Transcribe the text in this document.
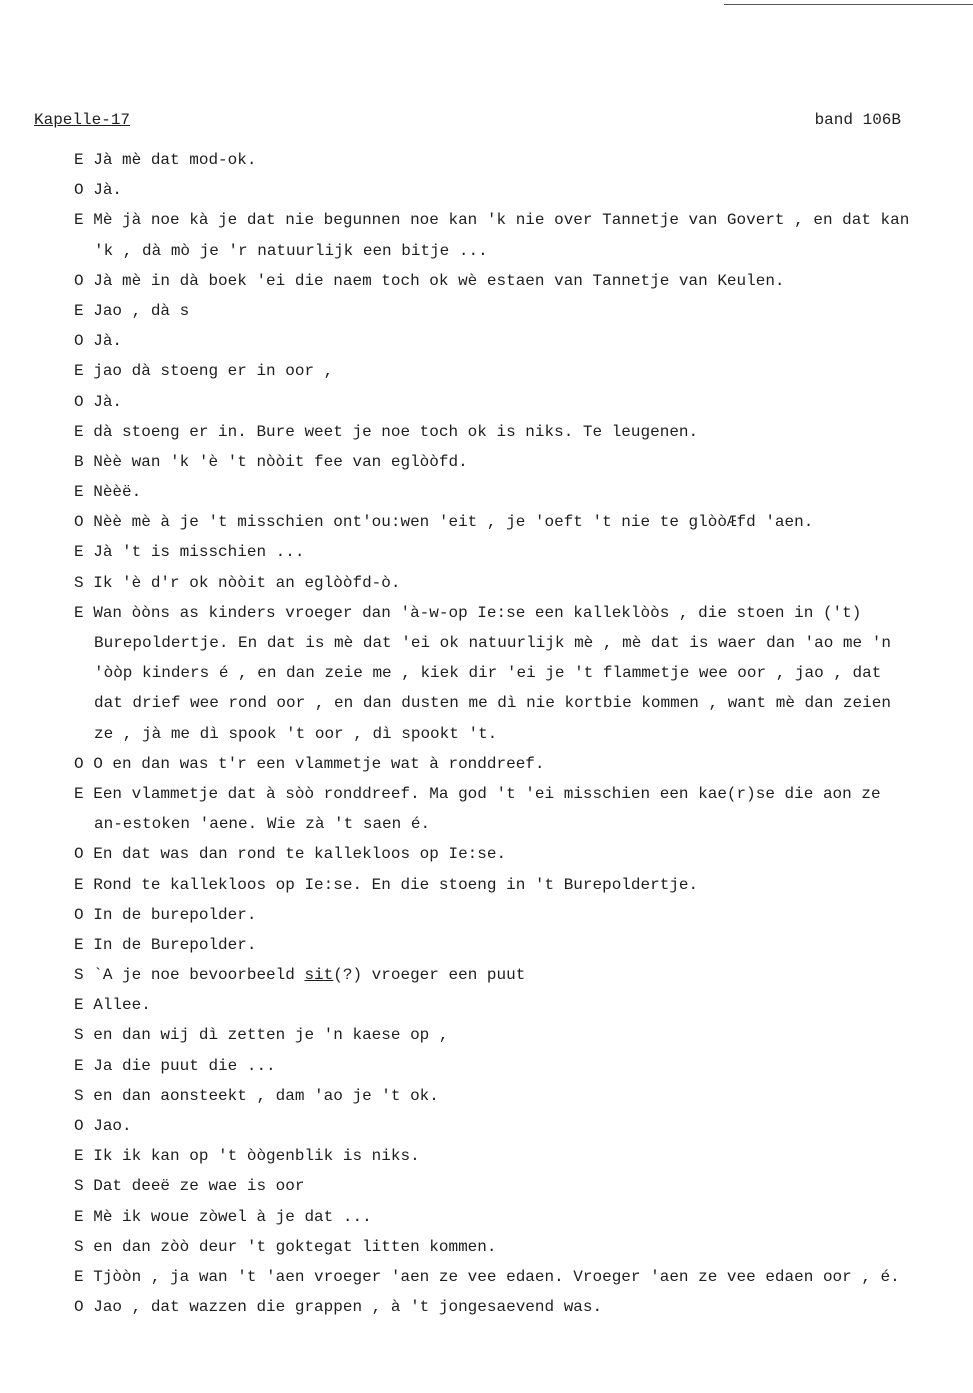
Kapelle-17	band 106B
E Jà mè dat mod-ok.
O Jà.
E Mè jà noe kà je dat nie begunnen noe kan 'k nie over Tannetje van Govert , en dat kan
'k , dà mò je 'r natuurlijk een bitje ...
O Jà mè in dà boek 'ei die naem toch ok wè estaen van Tannetje van Keulen.
E Jao , dà s
O Jà.
E jao dà stoeng er in oor ,
O Jà.
E dà stoeng er in. Bure weet je noe toch ok is niks. Te leugenen.
B Nèè wan 'k 'è 't nòòit fee van eglòòfd.
E Nèèë.
O Nèè mè à je 't misschien ont'ou:wen 'eit , je 'oeft 't nie te glòòÆfd 'aen.
E Jà 't is misschien ...
S Ik 'è d'r ok nòòit an eglòòfd-ò.
E Wan òòns as kinders vroeger dan 'à-w-op Ie:se een kalleklòòs , die stoen in ('t)
Burepoldertje. En dat is mè dat 'ei ok natuurlijk mè , mè dat is waer dan 'ao me 'n
'òòp kinders é , en dan zeie me , kiek dir 'ei je 't flammetje wee oor , jao , dat
dat drief wee rond oor , en dan dusten me dì nie kortbie kommen , want mè dan zeien
ze , jà me dì spook 't oor , dì spookt 't.
O O en dan was t'r een vlammetje wat à ronddreef.
E Een vlammetje dat à sòò ronddreef. Ma god 't 'ei misschien een kae(r)se die aon ze
an-estoken 'aene. Wie zà 't saen é.
O En dat was dan rond te kallekloos op Ie:se.
E Rond te kallekloos op Ie:se. En die stoeng in 't Burepoldertje.
O In de burepolder.
E In de Burepolder.
S `A je noe bevoorbeeld sit(?) vroeger een puut
E Allee.
S en dan wij dì zetten je 'n kaese op ,
E Ja die puut die ...
S en dan aonsteekt , dam 'ao je 't ok.
O Jao.
E Ik ik kan op 't òògenblik is niks.
S Dat deeë ze wae is oor
E Mè ik woue zòwel à je dat ...
S en dan zòò deur 't goktegat litten kommen.
E Tjòòn , ja wan 't 'aen vroeger 'aen ze vee edaen. Vroeger 'aen ze vee edaen oor , é.
O Jao , dat wazzen die grappen , à 't jongesaevend was.
